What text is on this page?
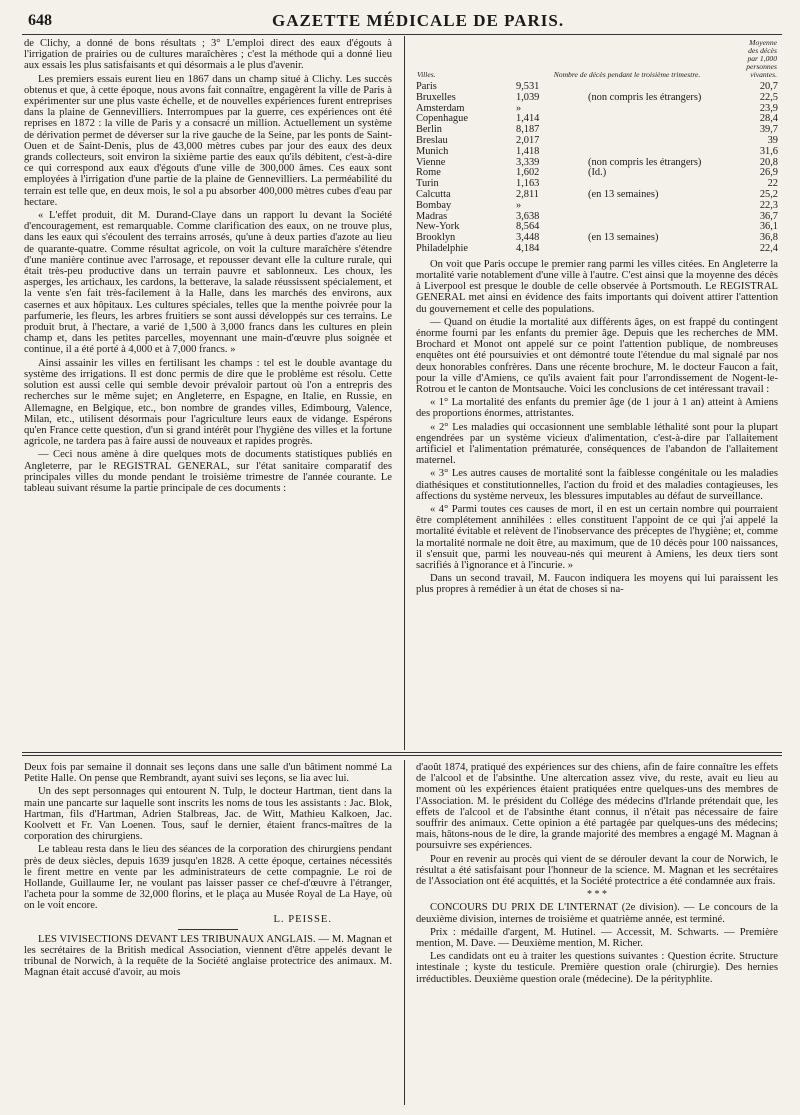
648	GAZETTE MÉDICALE DE PARIS.

de Clichy, a donné de bons résultats ; 3° L'emploi direct des eaux d'égouts à l'irrigation de prairies ou de cultures maraîchères ; c'est la méthode qui a donné lieu aux essais les plus satisfaisants et qui désormais a le plus d'avenir.

Les premiers essais eurent lieu en 1867 dans un champ situé à Clichy. Les succès obtenus et que, à cette époque, nous avons fait connaître, engagèrent la ville de Paris à expérimenter sur une plus vaste échelle, et de nouvelles expériences furent entreprises dans la plaine de Gennevilliers. Interrompues par la guerre, ces expériences ont été reprises en 1872 : la ville de Paris y a consacré un million. Actuellement un système de dérivation permet de déverser sur la rive gauche de la Seine, par les ponts de Saint-Ouen et de Saint-Denis, plus de 43,000 mètres cubes par jour des eaux des deux grands collecteurs, soit environ la sixième partie des eaux qu'ils débitent, c'est-à-dire ce qui correspond aux eaux d'égouts d'une ville de 300,000 âmes. Ces eaux sont employées à l'irrigation d'une partie de la plaine de Gennevilliers. La perméabilité du terrain est telle que, en deux mois, le sol a pu absorber 400,000 mètres cubes d'eau par hectare.

« L'effet produit, dit M. Durand-Claye dans un rapport lu devant la Société d'encouragement, est remarquable. Comme clarification des eaux, on ne trouve plus, dans les eaux qui s'écoulent des terrains arrosés, qu'une à deux parties d'azote au lieu de quarante-quatre. Comme résultat agricole, on voit la culture maraîchère s'étendre d'une manière continue avec l'arrosage, et repousser devant elle la culture rurale, qui était très-peu productive dans un terrain pauvre et sablonneux. Les choux, les asperges, les artichaux, les cardons, la betterave, la salade réussissent spécialement, et la vente s'en fait très-facilement à la Halle, dans les marchés des environs, aux casernes et aux hôpitaux. Les cultures spéciales, telles que la menthe poivrée pour la parfumerie, les fleurs, les arbres fruitiers se sont aussi développés sur ces terrains. Le produit brut, à l'hectare, a varié de 1,500 à 3,000 francs dans les cultures en plein champ et, dans les petites parcelles, moyennant une main-d'œuvre plus soignée et continue, il a été porté à 4,000 et à 7,000 francs. »

Ainsi assainir les villes en fertilisant les champs : tel est le double avantage du système des irrigations. Il est donc permis de dire que le problème est résolu. Cette solution est aussi celle qui semble devoir prévaloir partout où l'on a entrepris des recherches sur le même sujet; en Angleterre, en Espagne, en Italie, en Russie, en Allemagne, en Belgique, etc., bon nombre de grandes villes, Edimbourg, Valence, Milan, etc., utilisent désormais pour l'agriculture leurs eaux de vidange. Espérons qu'en France cette question, d'un si grand intérêt pour l'hygiène des villes et la fortune agricole, ne tardera pas à faire aussi de nouveaux et rapides progrès.

— Ceci nous amène à dire quelques mots de documents statistiques publiés en Angleterre, par le REGISTRAL GENERAL, sur l'état sanitaire comparatif des principales villes du monde pendant le troisième trimestre de l'année courante. Le tableau suivant résume la partie principale de ces documents :

Villes.	Nombre de décès pendant le troisième trimestre.		Moyenne des décès par 1,000 personnes vivantes.
Paris	9,531		20,7
Bruxelles	1,039	(non compris les étrangers)	22,5
Amsterdam	»		23,9
Copenhague	1,414		28,4
Berlin	8,187		39,7
Breslau	2,017		39
Munich	1,418		31,6
Vienne	3,339	(non compris les étrangers)	20,8
Rome	1,602	(Id.)	26,9
Turin	1,163		22
Calcutta	2,811	(en 13 semaines)	25,2
Bombay	»		22,3
Madras	3,638		36,7
New-York	8,564		36,1
Brooklyn	3,448	(en 13 semaines)	36,8
Philadelphie	4,184		22,4

On voit que Paris occupe le premier rang parmi les villes citées. En Angleterre la mortalité varie notablement d'une ville à l'autre. C'est ainsi que la moyenne des décès à Liverpool est presque le double de celle observée à Portsmouth. Le REGISTRAL GENERAL met ainsi en évidence des faits importants qui doivent attirer l'attention du gouvernement et celle des populations.

— Quand on étudie la mortalité aux différents âges, on est frappé du contingent énorme fourni par les enfants du premier âge. Depuis que les recherches de MM. Brochard et Monot ont appelé sur ce point l'attention publique, de nombreuses enquêtes ont été poursuivies et ont démontré toute l'étendue du mal signalé par nos deux honorables confrères. Dans une récente brochure, M. le docteur Faucon a fait, pour la ville d'Amiens, ce qu'ils avaient fait pour l'arrondissement de Nogent-le-Rotrou et le canton de Montsauche. Voici les conclusions de cet intéressant travail :

« 1° La mortalité des enfants du premier âge (de 1 jour à 1 an) atteint à Amiens des proportions énormes, attristantes.

« 2° Les maladies qui occasionnent une semblable léthalité sont pour la plupart engendrées par un système vicieux d'alimentation, c'est-à-dire par l'allaitement artificiel et l'alimentation prématurée, conséquences de l'abandon de l'allaitement maternel.

« 3° Les autres causes de mortalité sont la faiblesse congénitale ou les maladies diathésiques et constitutionnelles, l'action du froid et des maladies contagieuses, les affections du système nerveux, les blessures imputables au défaut de surveillance.

« 4° Parmi toutes ces causes de mort, il en est un certain nombre qui pourraient être complétement annihilées : elles constituent l'appoint de ce qui j'ai appelé la mortalité évitable et relèvent de l'inobservance des préceptes de l'hygiène; et, comme la mortalité normale ne doit être, au maximum, que de 10 décès pour 100 naissances, il s'ensuit que, parmi les nouveau-nés qui meurent à Amiens, les deux tiers sont sacrifiés à l'ignorance et à l'incurie. »

Dans un second travail, M. Faucon indiquera les moyens qui lui paraissent les plus propres à remédier à un état de choses si na-

Deux fois par semaine il donnait ses leçons dans une salle d'un bâtiment nommé La Petite Halle. On pense que Rembrandt, ayant suivi ses leçons, se lia avec lui.

Un des sept personnages qui entourent N. Tulp, le docteur Hartman, tient dans la main une pancarte sur laquelle sont inscrits les noms de tous les assistants : Jac. Blok, Hartman, fils d'Hartman, Adrien Stalbreas, Jac. de Witt, Mathieu Kalkoen, Jac. Koolvett et Fr. Van Loenen. Tous, sauf le dernier, étaient francs-maîtres de la corporation des chirurgiens.

Le tableau resta dans le lieu des séances de la corporation des chirurgiens pendant près de deux siècles, depuis 1639 jusqu'en 1828. A cette époque, certaines nécessités le firent mettre en vente par les administrateurs de cette compagnie. Le roi de Hollande, Guillaume Ier, ne voulant pas laisser passer ce chef-d'œuvre à l'étranger, l'acheta pour la somme de 32,000 florins, et le plaça au Musée Royal de La Haye, où on le voit encore.

L. PEISSE.

LES VIVISECTIONS DEVANT LES TRIBUNAUX ANGLAIS. — M. Magnan et les secrétaires de la British medical Association, viennent d'être appelés devant le tribunal de Norwich, à la requête de la Société anglaise protectrice des animaux. M. Magnan était accusé d'avoir, au mois

d'août 1874, pratiqué des expériences sur des chiens, afin de faire connaître les effets de l'alcool et de l'absinthe. Une altercation assez vive, du reste, avait eu lieu au moment où les expériences étaient pratiquées entre quelques-uns des membres de l'Association. M. le président du Collége des médecins d'Irlande prétendait que, les effets de l'alcool et de l'absinthe étant connus, il n'était pas nécessaire de faire souffrir des animaux. Cette opinion a été partagée par quelques-uns des médecins; mais, hâtons-nous de le dire, la grande majorité des membres a engagé M. Magnan à poursuivre ses expériences.

Pour en revenir au procès qui vient de se dérouler devant la cour de Norwich, le résultat a été satisfaisant pour l'honneur de la science. M. Magnan et les secrétaires de l'Association ont été acquittés, et la Société protectrice a été condamnée aux frais.

* * *

CONCOURS DU PRIX DE L'INTERNAT (2e division). — Le concours de la deuxième division, internes de troisième et quatrième année, est terminé.

Prix : médaille d'argent, M. Hutinel. — Accessit, M. Schwarts. — Première mention, M. Dave. — Deuxième mention, M. Richer.

Les candidats ont eu à traiter les questions suivantes : Question écrite. Structure intestinale ; kyste du testicule. Première question orale (chirurgie). Des hernies irréductibles. Deuxième question orale (médecine). De la pérityphlite.
